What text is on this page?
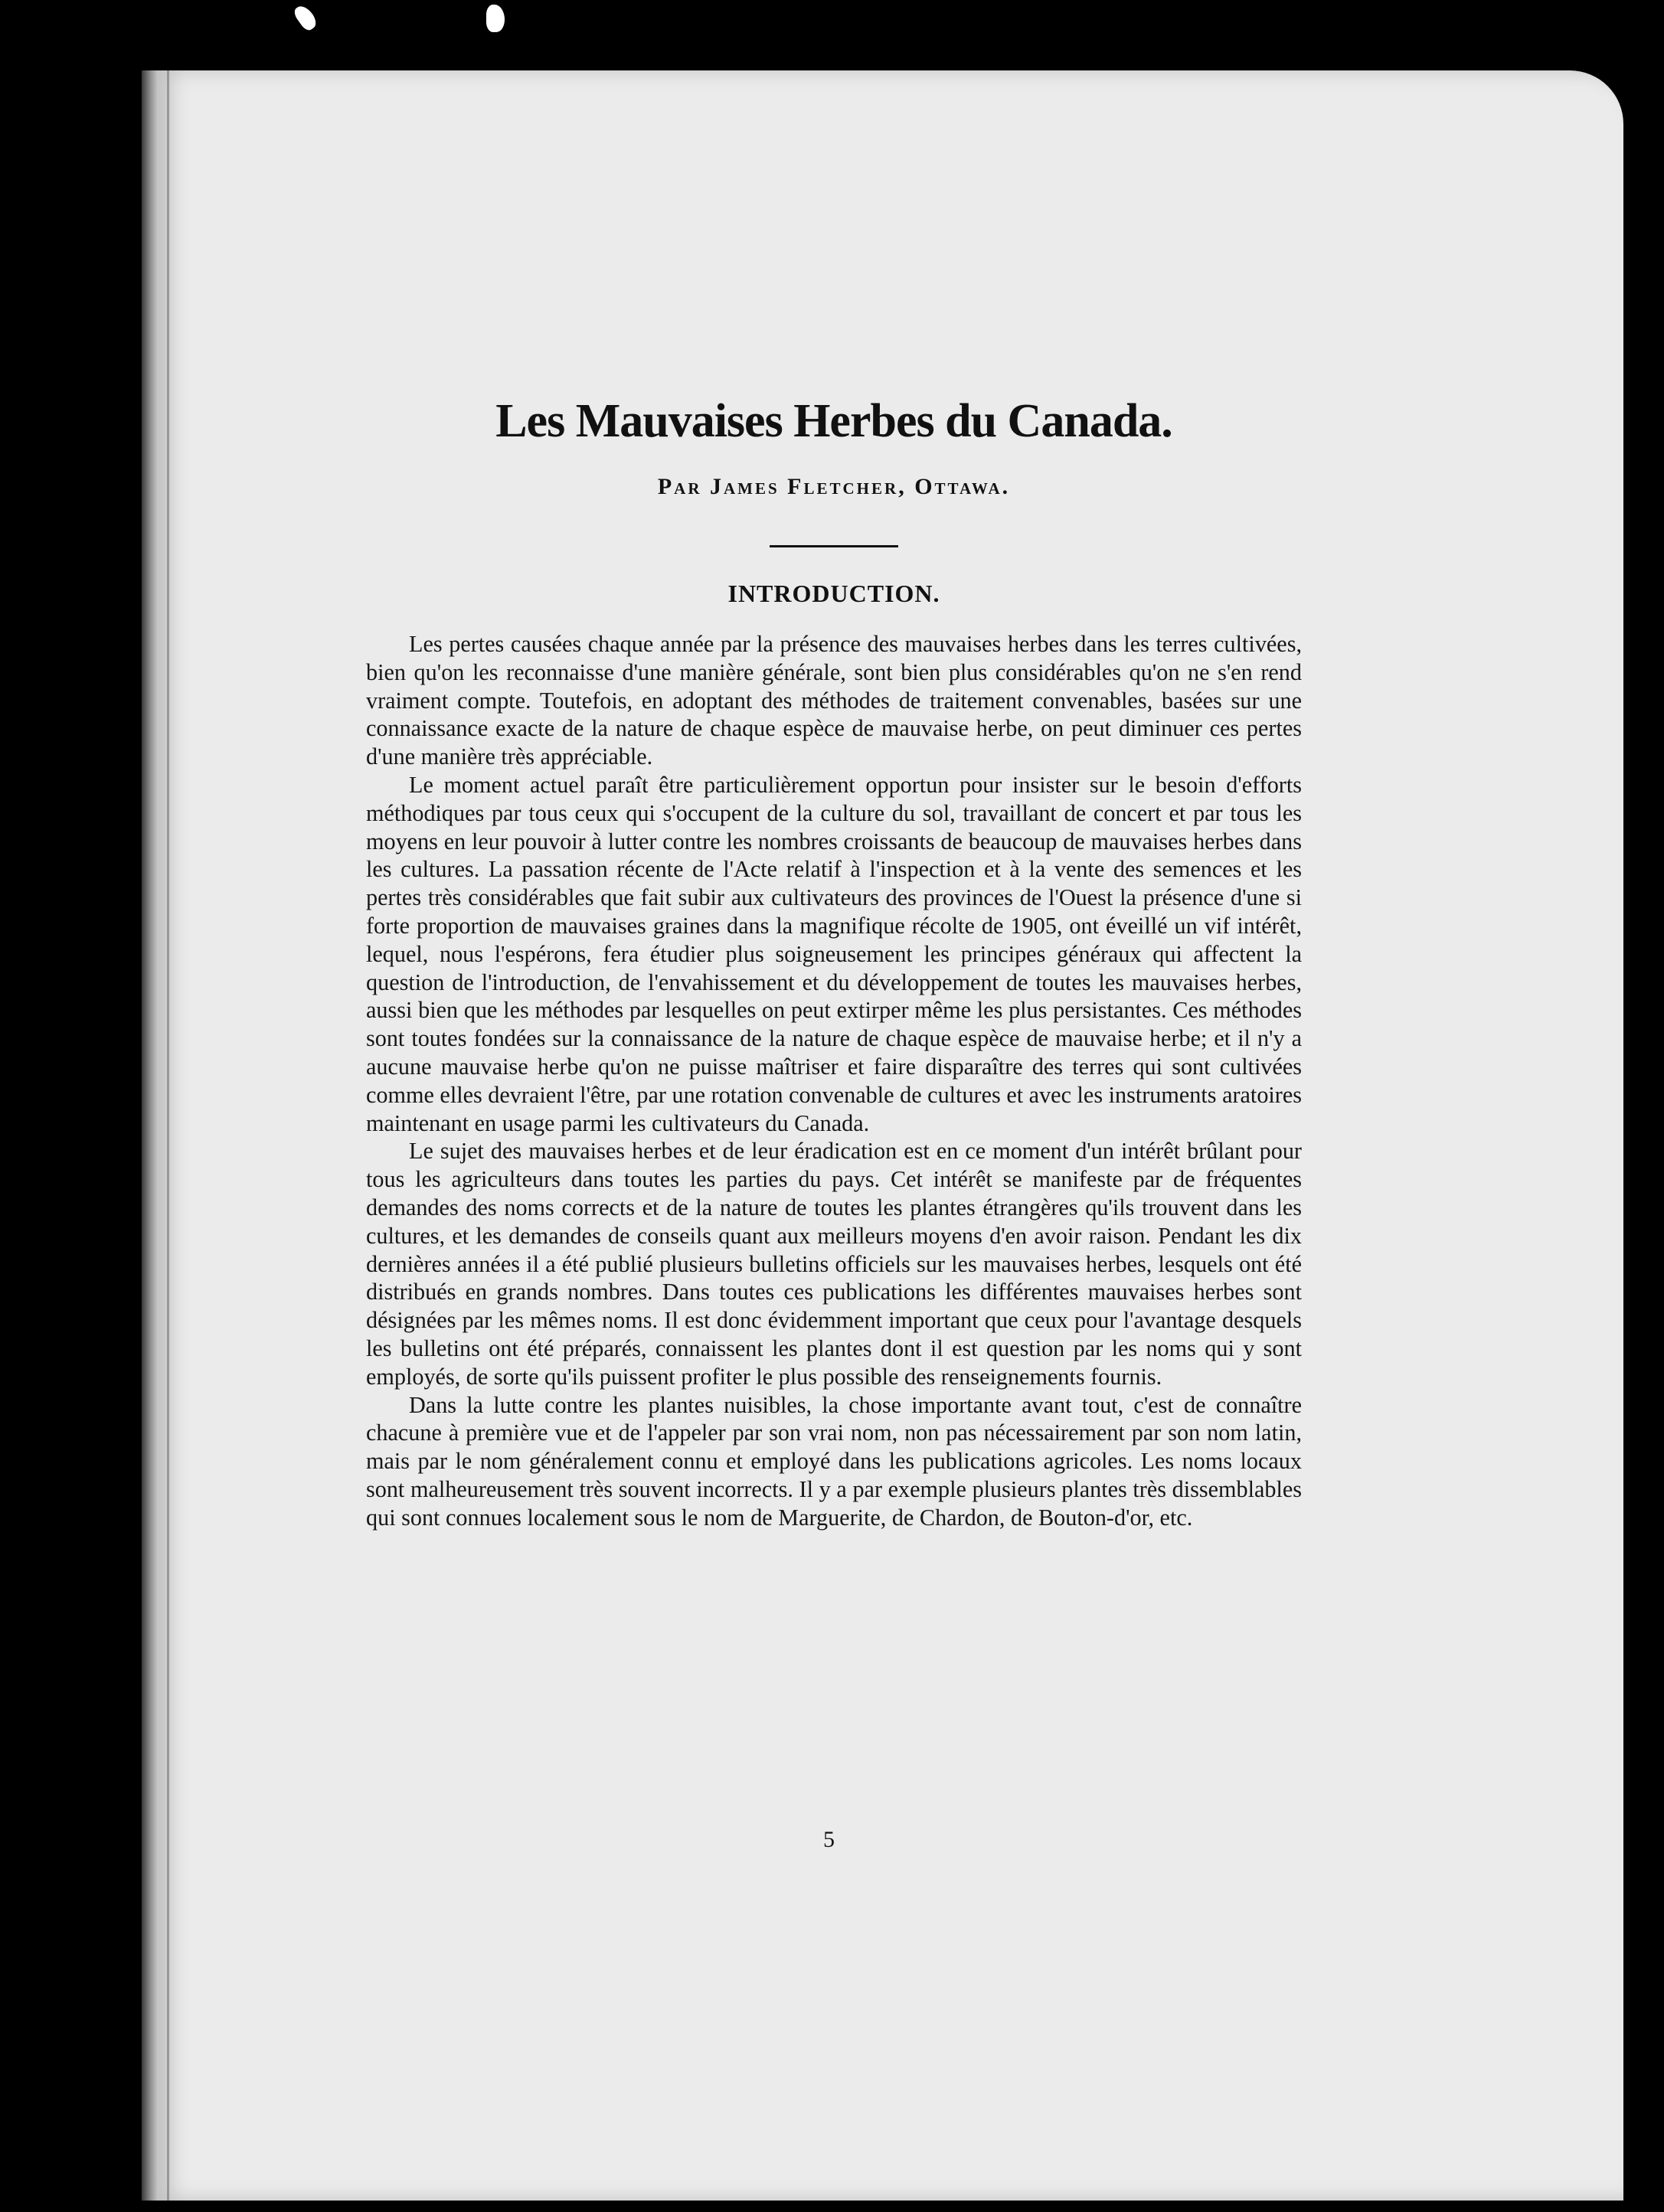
Les Mauvaises Herbes du Canada.
Par James Fletcher, Ottawa.
INTRODUCTION.

Les pertes causées chaque année par la présence des mauvaises herbes dans les terres cultivées, bien qu'on les reconnaisse d'une manière générale, sont bien plus considérables qu'on ne s'en rend vraiment compte. Toutefois, en adoptant des méthodes de traitement convenables, basées sur une connaissance exacte de la nature de chaque espèce de mauvaise herbe, on peut diminuer ces pertes d'une manière très appréciable.

Le moment actuel paraît être particulièrement opportun pour insister sur le besoin d'efforts méthodiques par tous ceux qui s'occupent de la culture du sol, travaillant de concert et par tous les moyens en leur pouvoir à lutter contre les nombres croissants de beaucoup de mauvaises herbes dans les cultures. La passation récente de l'Acte relatif à l'inspection et à la vente des semences et les pertes très considérables que fait subir aux cultivateurs des provinces de l'Ouest la présence d'une si forte proportion de mauvaises graines dans la magnifique récolte de 1905, ont éveillé un vif intérêt, lequel, nous l'espérons, fera étudier plus soigneusement les principes généraux qui affectent la question de l'introduction, de l'envahissement et du développement de toutes les mauvaises herbes, aussi bien que les méthodes par lesquelles on peut extirper même les plus persistantes. Ces méthodes sont toutes fondées sur la connaissance de la nature de chaque espèce de mauvaise herbe; et il n'y a aucune mauvaise herbe qu'on ne puisse maîtriser et faire disparaître des terres qui sont cultivées comme elles devraient l'être, par une rotation convenable de cultures et avec les instruments aratoires maintenant en usage parmi les cultivateurs du Canada.

Le sujet des mauvaises herbes et de leur éradication est en ce moment d'un intérêt brûlant pour tous les agriculteurs dans toutes les parties du pays. Cet intérêt se manifeste par de fréquentes demandes des noms corrects et de la nature de toutes les plantes étrangères qu'ils trouvent dans les cultures, et les demandes de conseils quant aux meilleurs moyens d'en avoir raison. Pendant les dix dernières années il a été publié plusieurs bulletins officiels sur les mauvaises herbes, lesquels ont été distribués en grands nombres. Dans toutes ces publications les différentes mauvaises herbes sont désignées par les mêmes noms. Il est donc évidemment important que ceux pour l'avantage desquels les bulletins ont été préparés, connaissent les plantes dont il est question par les noms qui y sont employés, de sorte qu'ils puissent profiter le plus possible des renseignements fournis.

Dans la lutte contre les plantes nuisibles, la chose importante avant tout, c'est de connaître chacune à première vue et de l'appeler par son vrai nom, non pas nécessairement par son nom latin, mais par le nom généralement connu et employé dans les publications agricoles. Les noms locaux sont malheureusement très souvent incorrects. Il y a par exemple plusieurs plantes très dissemblables qui sont connues localement sous le nom de Marguerite, de Chardon, de Bouton-d'or, etc.

5
